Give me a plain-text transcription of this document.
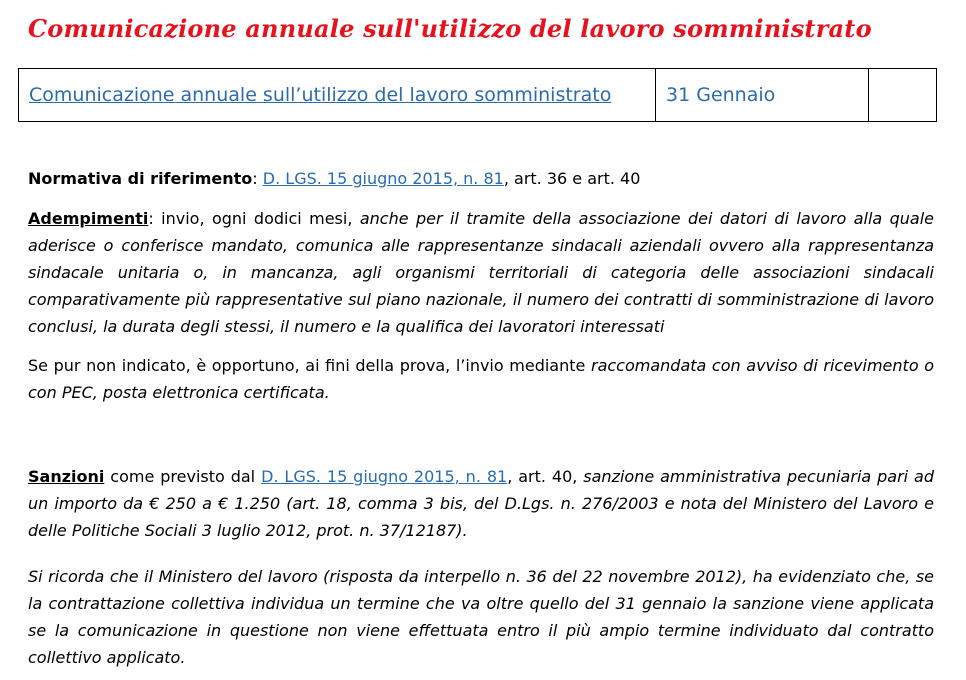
Comunicazione annuale sull'utilizzo del lavoro somministrato
Comunicazione annuale sull’utilizzo del lavoro somministrato	31 Gennaio	
Normativa di riferimento: D. LGS. 15 giugno 2015, n. 81, art. 36 e art. 40
Adempimenti: invio, ogni dodici mesi, anche per il tramite della associazione dei datori di lavoro alla quale aderisce o conferisce mandato, comunica alle rappresentanze sindacali aziendali ovvero alla rappresentanza sindacale unitaria o, in mancanza, agli organismi territoriali di categoria delle associazioni sindacali comparativamente più rappresentative sul piano nazionale, il numero dei contratti di somministrazione di lavoro conclusi, la durata degli stessi, il numero e la qualifica dei lavoratori interessati
Se pur non indicato, è opportuno, ai fini della prova, l’invio mediante raccomandata con avviso di ricevimento o con PEC, posta elettronica certificata.
Sanzioni come previsto dal D. LGS. 15 giugno 2015, n. 81, art. 40, sanzione amministrativa pecuniaria pari ad un importo da € 250 a € 1.250 (art. 18, comma 3 bis, del D.Lgs. n. 276/2003 e nota del Ministero del Lavoro e delle Politiche Sociali 3 luglio 2012, prot. n. 37/12187).
Si ricorda che il Ministero del lavoro (risposta da interpello n. 36 del 22 novembre 2012), ha evidenziato che, se la contrattazione collettiva individua un termine che va oltre quello del 31 gennaio la sanzione viene applicata se la comunicazione in questione non viene effettuata entro il più ampio termine individuato dal contratto collettivo applicato.
